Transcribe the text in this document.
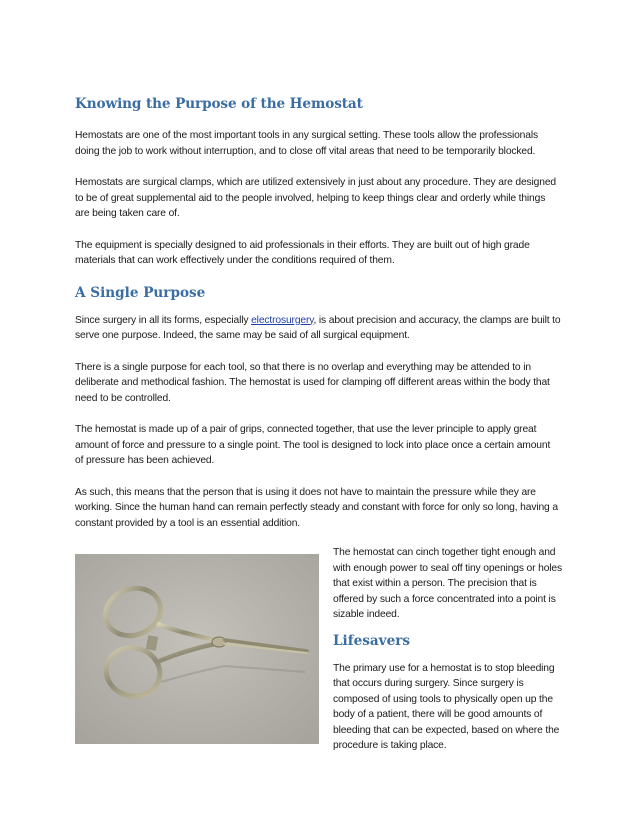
Knowing the Purpose of the Hemostat

Hemostats are one of the most important tools in any surgical setting. These tools allow the professionals doing the job to work without interruption, and to close off vital areas that need to be temporarily blocked.

Hemostats are surgical clamps, which are utilized extensively in just about any procedure. They are designed to be of great supplemental aid to the people involved, helping to keep things clear and orderly while things are being taken care of.

The equipment is specially designed to aid professionals in their efforts. They are built out of high grade materials that can work effectively under the conditions required of them.

A Single Purpose

Since surgery in all its forms, especially electrosurgery, is about precision and accuracy, the clamps are built to serve one purpose. Indeed, the same may be said of all surgical equipment.

There is a single purpose for each tool, so that there is no overlap and everything may be attended to in deliberate and methodical fashion. The hemostat is used for clamping off different areas within the body that need to be controlled.

The hemostat is made up of a pair of grips, connected together, that use the lever principle to apply great amount of force and pressure to a single point. The tool is designed to lock into place once a certain amount of pressure has been achieved.

As such, this means that the person that is using it does not have to maintain the pressure while they are working. Since the human hand can remain perfectly steady and constant with force for only so long, having a constant provided by a tool is an essential addition.

The hemostat can cinch together tight enough and with enough power to seal off tiny openings or holes that exist within a person. The precision that is offered by such a force concentrated into a point is sizable indeed.

Lifesavers

The primary use for a hemostat is to stop bleeding that occurs during surgery. Since surgery is composed of using tools to physically open up the body of a patient, there will be good amounts of bleeding that can be expected, based on where the procedure is taking place.
